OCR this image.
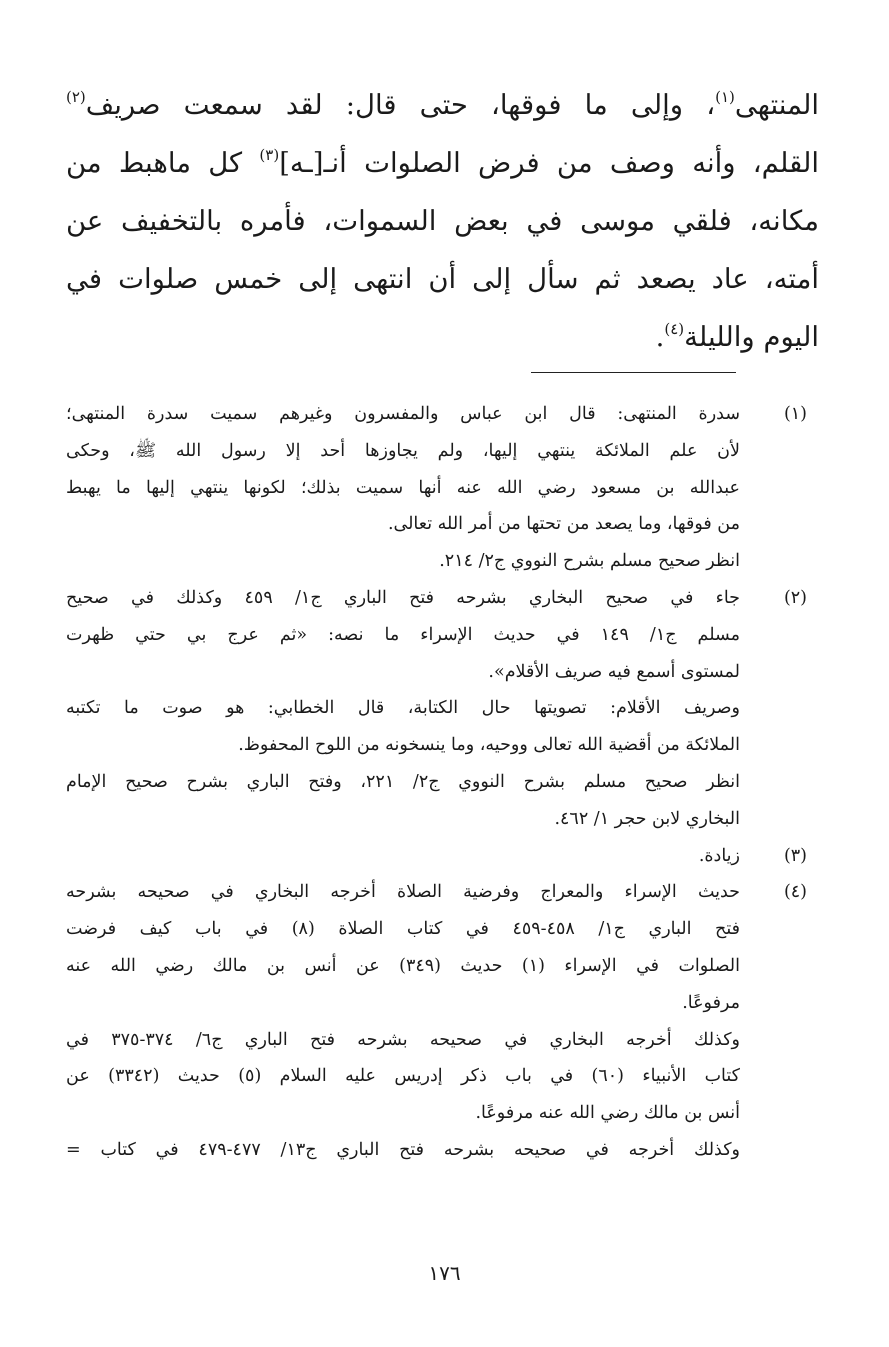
المنتهى$^{(١)}$، وإلى ما فوقها، حتى قال: لقد سمعت صريف$^{(٢)}$
القلم، وأنه وصف من فرض الصلوات أنـ[ـه]$^{(٣)}$ كل ماهبط من
مكانه، فلقي موسى في بعض السموات، فأمره بالتخفيف عن
أمته، عاد يصعد ثم سأل إلى أن انتهى إلى خمس صلوات في
اليوم والليلة$^{(٤)}$.
(١)
سدرة المنتهى: قال ابن عباس والمفسرون وغيرهم سميت سدرة المنتهى؛
لأن علم الملائكة ينتهي إليها، ولم يجاوزها أحد إلا رسول الله ﷺ، وحكى
عبدالله بن مسعود رضي الله عنه أنها سميت بذلك؛ لكونها ينتهي إليها ما يهبط
من فوقها، وما يصعد من تحتها من أمر الله تعالى.
انظر صحيح مسلم بشرح النووي ج٢/ ٢١٤.
(٢)
جاء في صحيح البخاري بشرحه فتح الباري ج١/ ٤٥٩ وكذلك في صحيح
مسلم ج١/ ١٤٩ في حديث الإسراء ما نصه: «ثم عرج بي حتي ظهرت
لمستوى أسمع فيه صريف الأقلام».
وصريف الأقلام: تصويتها حال الكتابة، قال الخطابي: هو صوت ما تكتبه
الملائكة من أقضية الله تعالى ووحيه، وما ينسخونه من اللوح المحفوظ.
انظر صحيح مسلم بشرح النووي ج٢/ ٢٢١، وفتح الباري بشرح صحيح الإمام
البخاري لابن حجر ١/ ٤٦٢.
(٣)
زيادة.
(٤)
حديث الإسراء والمعراج وفرضية الصلاة أخرجه البخاري في صحيحه بشرحه
فتح الباري ج١/ ٤٥٨-٤٥٩ في كتاب الصلاة (٨) في باب كيف فرضت
الصلوات في الإسراء (١) حديث (٣٤٩) عن أنس بن مالك رضي الله عنه
مرفوعًا.
وكذلك أخرجه البخاري في صحيحه بشرحه فتح الباري ج٦/ ٣٧٤-٣٧٥ في
كتاب الأنبياء (٦٠) في باب ذكر إدريس عليه السلام (٥) حديث (٣٣٤٢) عن
أنس بن مالك رضي الله عنه مرفوعًا.
وكذلك أخرجه في صحيحه بشرحه فتح الباري ج١٣/ ٤٧٧-٤٧٩ في كتاب =
١٧٦
